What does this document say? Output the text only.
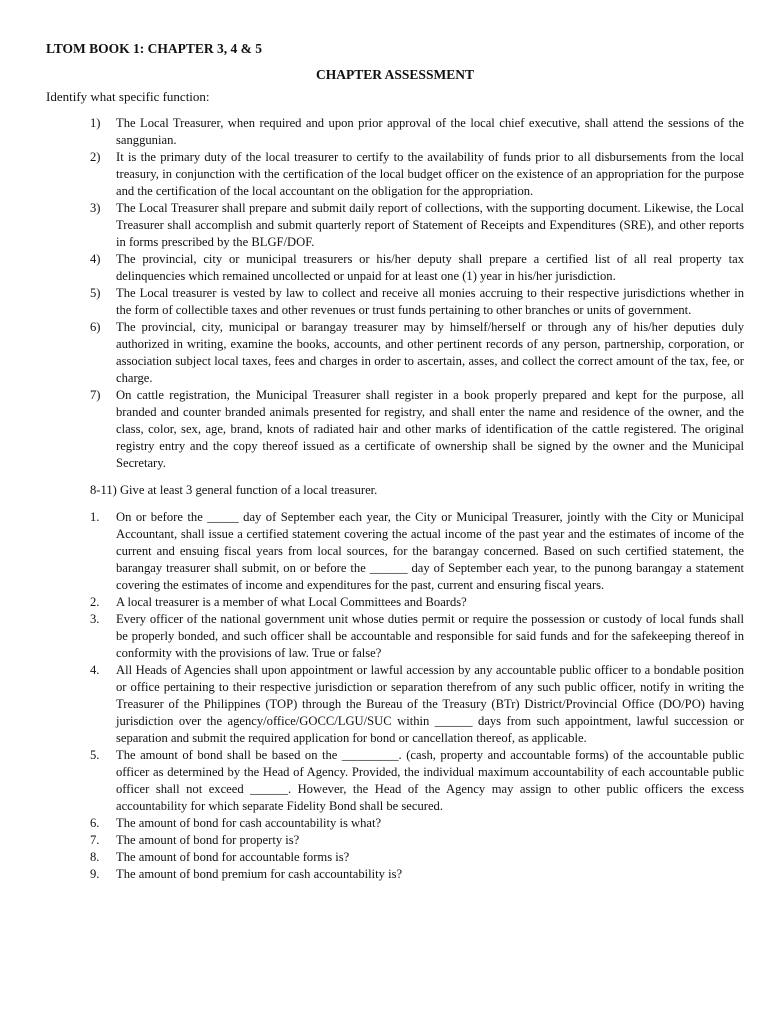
LTOM BOOK 1: CHAPTER 3, 4 & 5

CHAPTER ASSESSMENT

Identify what specific function:

1)	The Local Treasurer, when required and upon prior approval of the local chief executive, shall attend the sessions of the sanggunian.
2)	It is the primary duty of the local treasurer to certify to the availability of funds prior to all disbursements from the local treasury, in conjunction with the certification of the local budget officer on the existence of an appropriation for the purpose and the certification of the local accountant on the obligation for the appropriation.
3)	The Local Treasurer shall prepare and submit daily report of collections, with the supporting document. Likewise, the Local Treasurer shall accomplish and submit quarterly report of Statement of Receipts and Expenditures (SRE), and other reports in forms prescribed by the BLGF/DOF.
4)	The provincial, city or municipal treasurers or his/her deputy shall prepare a certified list of all real property tax delinquencies which remained uncollected or unpaid for at least one (1) year in his/her jurisdiction.
5)	The Local treasurer is vested by law to collect and receive all monies accruing to their respective jurisdictions whether in the form of collectible taxes and other revenues or trust funds pertaining to other branches or units of government.
6)	The provincial, city, municipal or barangay treasurer may by himself/herself or through any of his/her deputies duly authorized in writing, examine the books, accounts, and other pertinent records of any person, partnership, corporation, or association subject local taxes, fees and charges in order to ascertain, asses, and collect the correct amount of the tax, fee, or charge.
7)	On cattle registration, the Municipal Treasurer shall register in a book properly prepared and kept for the purpose, all branded and counter branded animals presented for registry, and shall enter the name and residence of the owner, and the class, color, sex, age, brand, knots of radiated hair and other marks of identification of the cattle registered. The original registry entry and the copy thereof issued as a certificate of ownership shall be signed by the owner and the Municipal Secretary.

8-11) Give at least 3 general function of a local treasurer.

1.	On or before the _____ day of September each year, the City or Municipal Treasurer, jointly with the City or Municipal Accountant, shall issue a certified statement covering the actual income of the past year and the estimates of income of the current and ensuing fiscal years from local sources, for the barangay concerned. Based on such certified statement, the barangay treasurer shall submit, on or before the ______ day of September each year, to the punong barangay a statement covering the estimates of income and expenditures for the past, current and ensuring fiscal years.
2.	A local treasurer is a member of what Local Committees and Boards?
3.	Every officer of the national government unit whose duties permit or require the possession or custody of local funds shall be properly bonded, and such officer shall be accountable and responsible for said funds and for the safekeeping thereof in conformity with the provisions of law. True or false?
4.	All Heads of Agencies shall upon appointment or lawful accession by any accountable public officer to a bondable position or office pertaining to their respective jurisdiction or separation therefrom of any such public officer, notify in writing the Treasurer of the Philippines (TOP) through the Bureau of the Treasury (BTr) District/Provincial Office (DO/PO) having jurisdiction over the agency/office/GOCC/LGU/SUC within ______ days from such appointment, lawful succession or separation and submit the required application for bond or cancellation thereof, as applicable.
5.	The amount of bond shall be based on the _________. (cash, property and accountable forms) of the accountable public officer as determined by the Head of Agency. Provided, the individual maximum accountability of each accountable public officer shall not exceed ______. However, the Head of the Agency may assign to other public officers the excess accountability for which separate Fidelity Bond shall be secured.
6.	The amount of bond for cash accountability is what?
7.	The amount of bond for property is?
8.	The amount of bond for accountable forms is?
9.	The amount of bond premium for cash accountability is?
